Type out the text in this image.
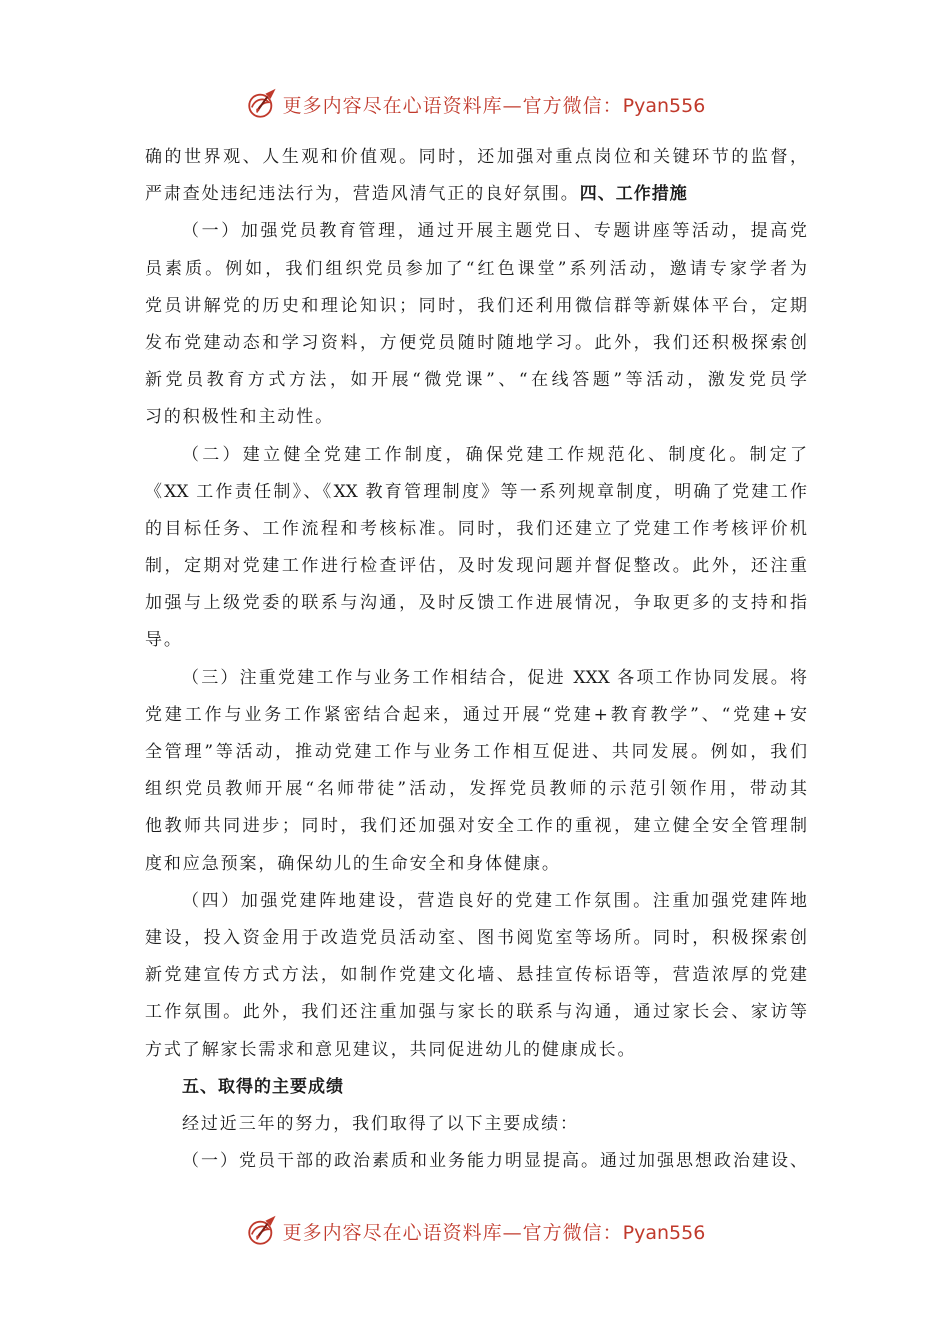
更多内容尽在心语资料库—官方微信：Pyan556
确的世界观、人生观和价值观。同时，还加强对重点岗位和关键环节的监督，
严肃查处违纪违法行为，营造风清气正的良好氛围。四、工作措施
（一）加强党员教育管理，通过开展主题党日、专题讲座等活动，提高党
员素质。例如，我们组织党员参加了“红色课堂”系列活动，邀请专家学者为
党员讲解党的历史和理论知识；同时，我们还利用微信群等新媒体平台，定期
发布党建动态和学习资料，方便党员随时随地学习。此外，我们还积极探索创
新党员教育方式方法，如开展“微党课”、“在线答题”等活动，激发党员学
习的积极性和主动性。
（二）建立健全党建工作制度，确保党建工作规范化、制度化。制定了
《XX 工作责任制》、《XX 教育管理制度》等一系列规章制度，明确了党建工作
的目标任务、工作流程和考核标准。同时，我们还建立了党建工作考核评价机
制，定期对党建工作进行检查评估，及时发现问题并督促整改。此外，还注重
加强与上级党委的联系与沟通，及时反馈工作进展情况，争取更多的支持和指
导。
（三）注重党建工作与业务工作相结合，促进 XXX 各项工作协同发展。将
党建工作与业务工作紧密结合起来，通过开展“党建+教育教学”、“党建+安
全管理”等活动，推动党建工作与业务工作相互促进、共同发展。例如，我们
组织党员教师开展“名师带徒”活动，发挥党员教师的示范引领作用，带动其
他教师共同进步；同时，我们还加强对安全工作的重视，建立健全安全管理制
度和应急预案，确保幼儿的生命安全和身体健康。
（四）加强党建阵地建设，营造良好的党建工作氛围。注重加强党建阵地
建设，投入资金用于改造党员活动室、图书阅览室等场所。同时，积极探索创
新党建宣传方式方法，如制作党建文化墙、悬挂宣传标语等，营造浓厚的党建
工作氛围。此外，我们还注重加强与家长的联系与沟通，通过家长会、家访等
方式了解家长需求和意见建议，共同促进幼儿的健康成长。
五、取得的主要成绩
经过近三年的努力，我们取得了以下主要成绩：
（一）党员干部的政治素质和业务能力明显提高。通过加强思想政治建设、
更多内容尽在心语资料库—官方微信：Pyan556
